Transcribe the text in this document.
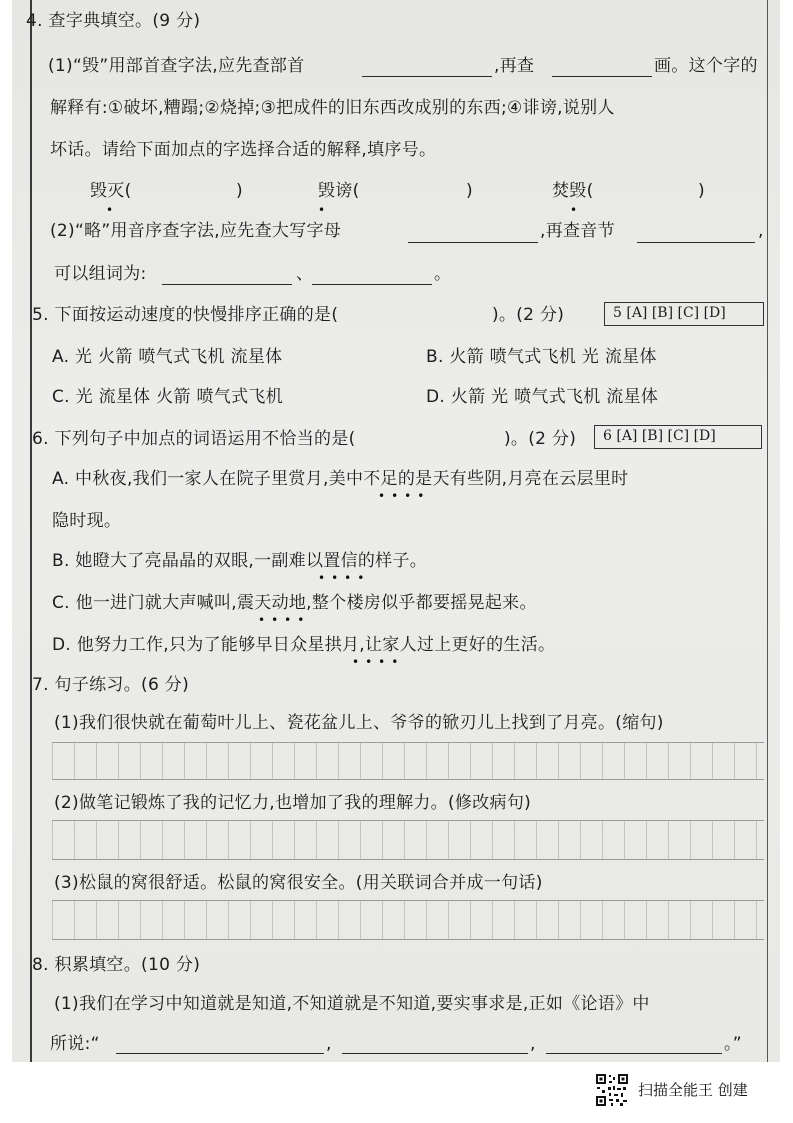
4. 查字典填空。(9 分)
(1)“毁”用部首查字法,应先查部首	,再查	画。这个字的
解释有:①破坏,糟蹋;②烧掉;③把成件的旧东西改成别的东西;④诽谤,说别人
坏话。请给下面加点的字选择合适的解释,填序号。
毁灭(
•
)	毁谤(
•
)	焚毁(
•
)
(2)“略”用音序查字法,应先查大写字母	,再查音节	,
可以组词为:	、	。
5. 下面按运动速度的快慢排序正确的是(	)。(2 分)	5 [A] [B] [C] [D]
A. 光 火箭 喷气式飞机 流星体	B. 火箭 喷气式飞机 光 流星体
C. 光 流星体 火箭 喷气式飞机	D. 火箭 光 喷气式飞机 流星体
6. 下列句子中加点的词语运用不恰当的是(	)。(2 分)	6 [A] [B] [C] [D]
A. 中秋夜,我们一家人在院子里赏月,美中不足的是天有些阴,月亮在云层里时
••••
隐时现。
B. 她瞪大了亮晶晶的双眼,一副难以置信的样子。
••••
C. 他一进门就大声喊叫,震天动地,整个楼房似乎都要摇晃起来。
••••
D. 他努力工作,只为了能够早日众星拱月,让家人过上更好的生活。
••••
7. 句子练习。(6 分)
(1)我们很快就在葡萄叶儿上、瓷花盆儿上、爷爷的锨刃儿上找到了月亮。(缩句)
(2)做笔记锻炼了我的记忆力,也增加了我的理解力。(修改病句)
(3)松鼠的窝很舒适。松鼠的窝很安全。(用关联词合并成一句话)
8. 积累填空。(10 分)
(1)我们在学习中知道就是知道,不知道就是不知道,要实事求是,正如《论语》中
所说:“	,	,	。”
扫描全能王 创建
